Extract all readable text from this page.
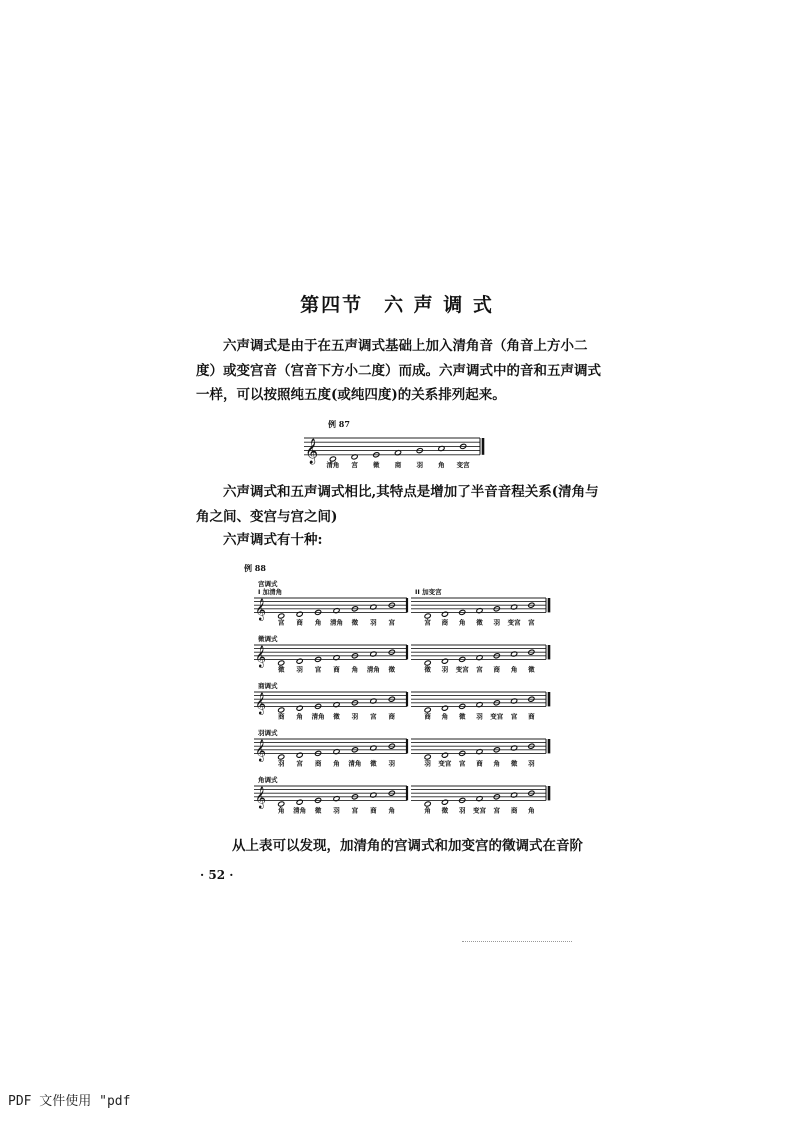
第四节　六 声 调 式

六声调式是由于在五声调式基础上加入清角音（角音上方小二度）或变宫音（宫音下方小二度）而成。六声调式中的音和五声调式一样，可以按照纯五度(或纯四度)的关系排列起来。

例 87
𝄞
清角 宫 徵 商 羽 角 变宫

六声调式和五声调式相比,其特点是增加了半音音程关系(清角与角之间、变宫与宫之间)

六声调式有十种:

例 88
I 加清角	II 加变宫
宫调式
𝄞
宫 商 角 清角 徵 羽 宫	宫 商 角 徵 羽 变宫 宫
徵调式
𝄞
徵 羽 宫 商 角 清角 徵	徵 羽 变宫 宫 商 角 徵
商调式
𝄞
商 角 清角 徵 羽 宫 商	商 角 徵 羽 变宫 宫 商
羽调式
𝄞
羽 宫 商 角 清角 徵 羽	羽 变宫 宫 商 角 徵 羽
角调式
𝄞
角 清角 徵 羽 宫 商 角	角 徵 羽 变宫 宫 商 角

从上表可以发现，加清角的宫调式和加变宫的徵调式在音阶

· 52 ·
PDF 文件使用 "pdf
